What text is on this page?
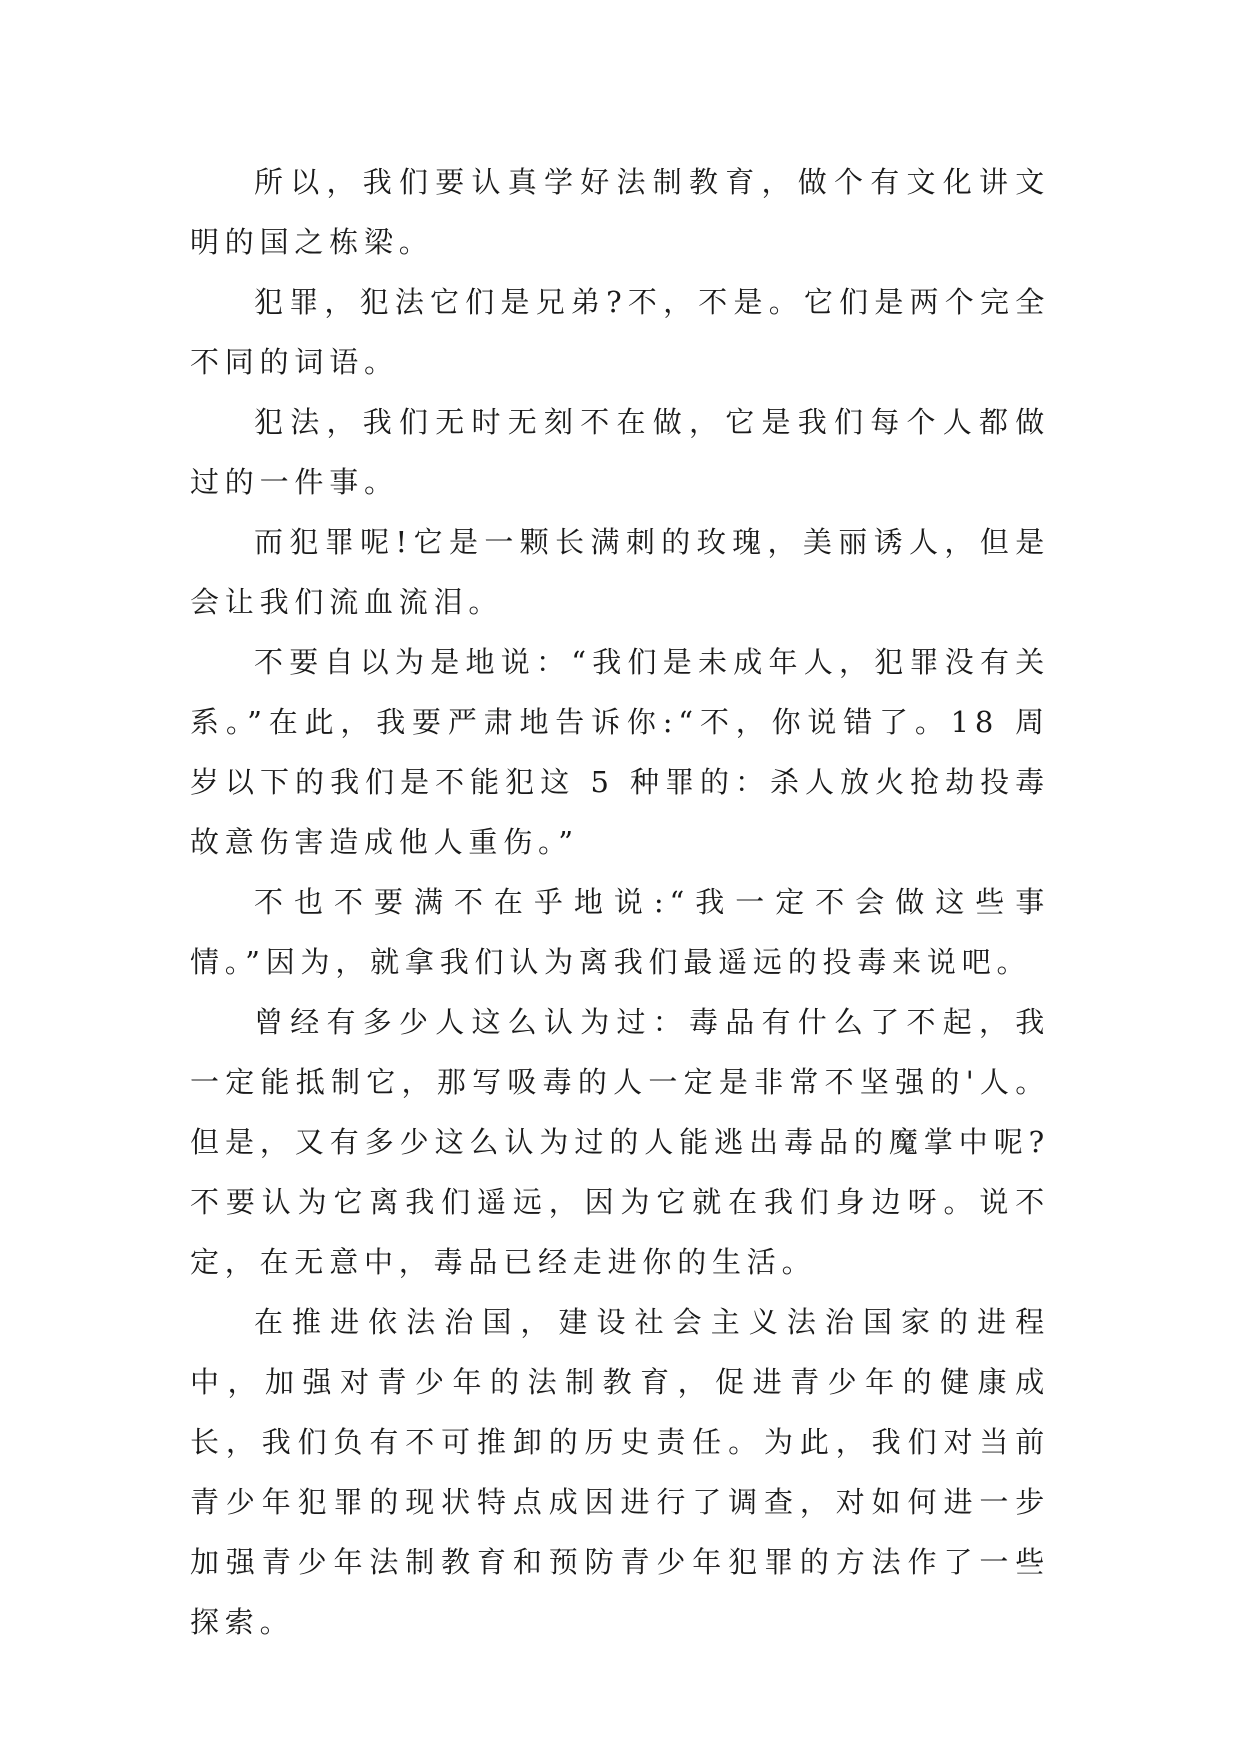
所以，我们要认真学好法制教育，做个有文化讲文明的国之栋梁。

犯罪，犯法它们是兄弟?不，不是。它们是两个完全不同的词语。

犯法，我们无时无刻不在做，它是我们每个人都做过的一件事。

而犯罪呢!它是一颗长满刺的玫瑰，美丽诱人，但是会让我们流血流泪。

不要自以为是地说：“我们是未成年人，犯罪没有关系。”在此，我要严肃地告诉你:“不，你说错了。18 周岁以下的我们是不能犯这 5 种罪的：杀人放火抢劫投毒故意伤害造成他人重伤。”

不也不要满不在乎地说:“我一定不会做这些事情。”因为，就拿我们认为离我们最遥远的投毒来说吧。

曾经有多少人这么认为过：毒品有什么了不起，我一定能抵制它，那写吸毒的人一定是非常不坚强的'人。但是，又有多少这么认为过的人能逃出毒品的魔掌中呢?不要认为它离我们遥远，因为它就在我们身边呀。说不定，在无意中，毒品已经走进你的生活。

在推进依法治国，建设社会主义法治国家的进程中，加强对青少年的法制教育，促进青少年的健康成长，我们负有不可推卸的历史责任。为此，我们对当前青少年犯罪的现状特点成因进行了调查，对如何进一步加强青少年法制教育和预防青少年犯罪的方法作了一些探索。
